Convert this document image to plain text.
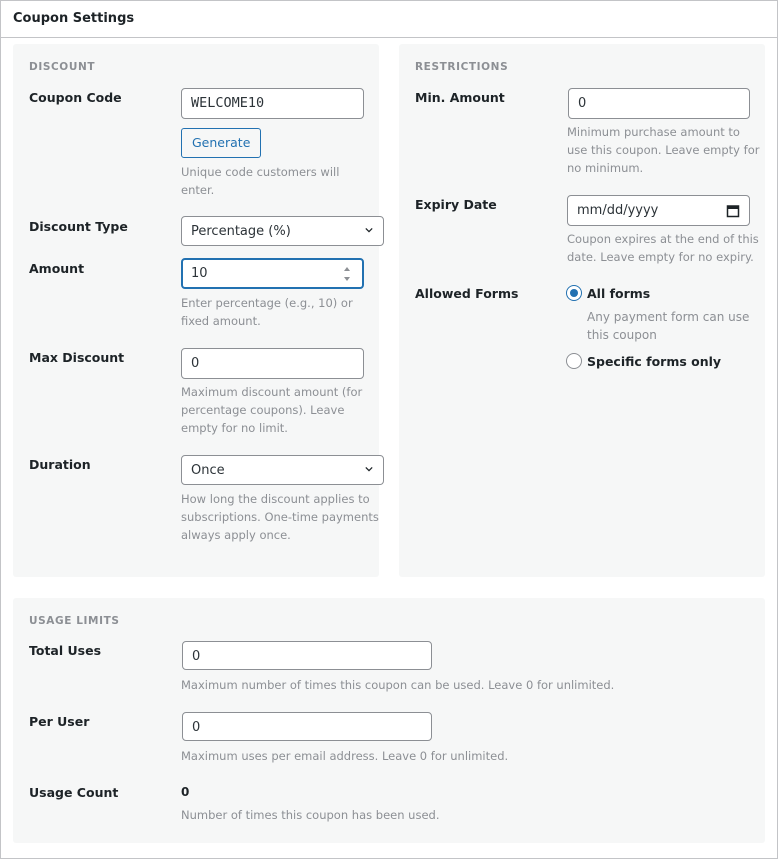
Coupon Settings
DISCOUNT
Coupon Code	WELCOME10
Generate
Unique code customers will
enter.
Discount Type	Percentage (%)
Amount	10
Enter percentage (e.g., 10) or
fixed amount.
Max Discount	0
Maximum discount amount (for
percentage coupons). Leave
empty for no limit.
Duration	Once
How long the discount applies to
subscriptions. One-time payments
always apply once.
RESTRICTIONS
Min. Amount	0
Minimum purchase amount to
use this coupon. Leave empty for
no minimum.
Expiry Date	mm/dd/yyyy
Coupon expires at the end of this
date. Leave empty for no expiry.
Allowed Forms	All forms
Any payment form can use
this coupon
Specific forms only
USAGE LIMITS
Total Uses	0
Maximum number of times this coupon can be used. Leave 0 for unlimited.
Per User	0
Maximum uses per email address. Leave 0 for unlimited.
Usage Count	0
Number of times this coupon has been used.
